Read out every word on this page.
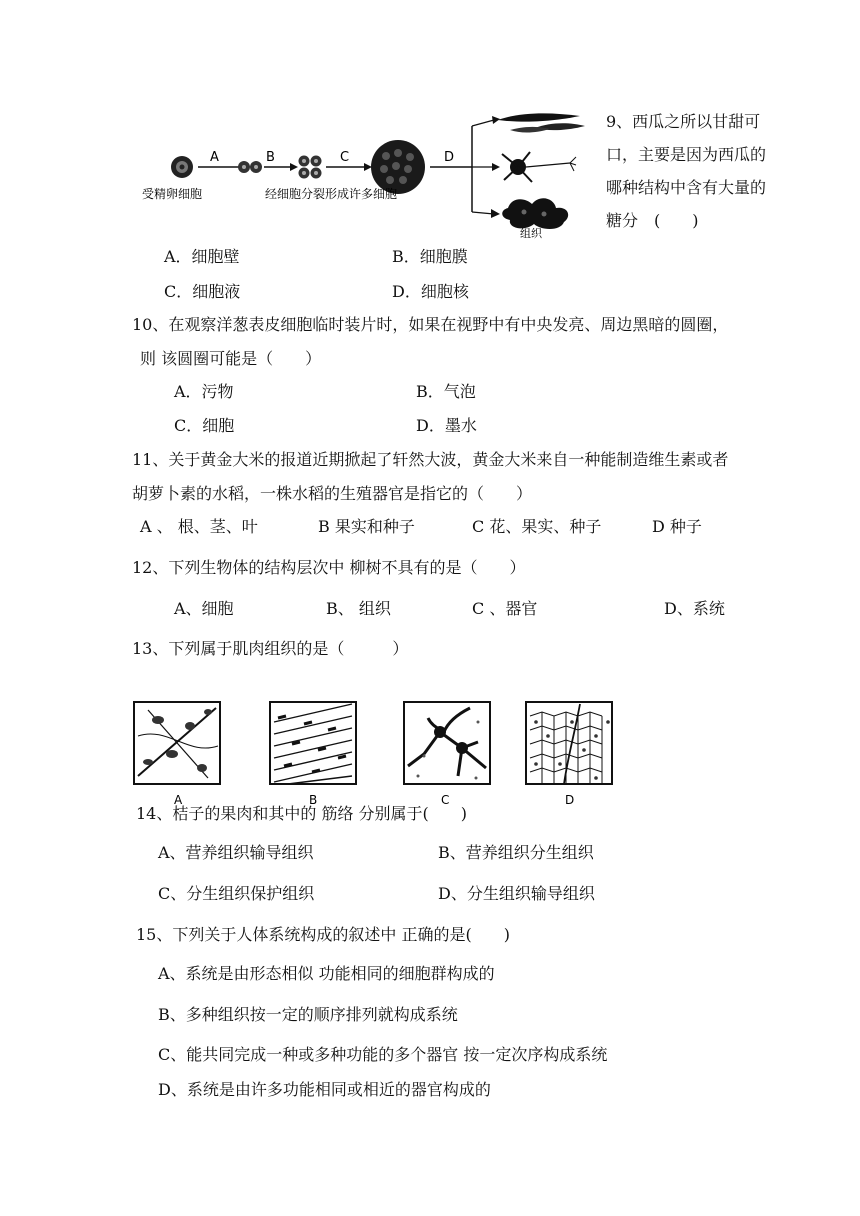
A	B	C	D
受精卵细胞	经细胞分裂形成许多细胞
组织
9、西瓜之所以甘甜可
口，主要是因为西瓜的
哪种结构中含有大量的
糖分　(　　)
A．细胞壁	B．细胞膜
C．细胞液	D．细胞核
10、在观察洋葱表皮细胞临时装片时，如果在视野中有中央发亮、周边黑暗的圆圈，
则 该圆圈可能是（　　）
A．污物	B．气泡
C．细胞	D．墨水
11、关于黄金大米的报道近期掀起了轩然大波，黄金大米来自一种能制造维生素或者
胡萝卜素的水稻，一株水稻的生殖器官是指它的（　　）
A 、 根、茎、叶	B 果实和种子	C 花、果实、种子	D 种子
12、下列生物体的结构层次中 柳树不具有的是（　　）
A、细胞	B、 组织	C 、器官	D、系统
13、下列属于肌肉组织的是（　　　）
A	B	C	D
14、桔子的果肉和其中的 筋络 分别属于(　　)
A、营养组织输导组织	B、营养组织分生组织
C、分生组织保护组织	D、分生组织输导组织
15、下列关于人体系统构成的叙述中 正确的是(　　)
A、系统是由形态相似 功能相同的细胞群构成的
B、多种组织按一定的顺序排列就构成系统
C、能共同完成一种或多种功能的多个器官 按一定次序构成系统
D、系统是由许多功能相同或相近的器官构成的
